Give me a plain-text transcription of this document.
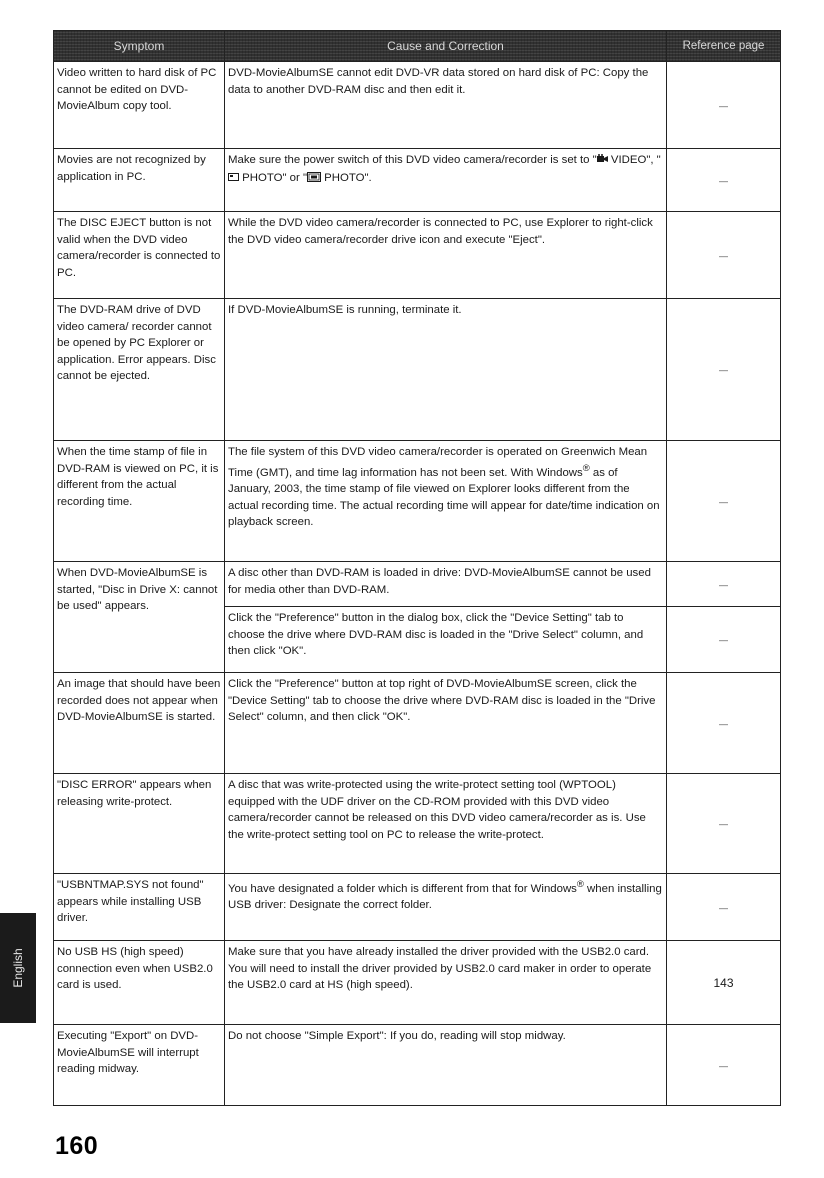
Symptom	Cause and Correction	Reference page
Video written to hard disk of PC cannot be edited on DVD-MovieAlbum copy tool.	DVD-MovieAlbumSE cannot edit DVD-VR data stored on hard disk of PC: Copy the data to another DVD-RAM disc and then edit it.	—
Movies are not recognized by application in PC.	Make sure the power switch of this DVD video camera/recorder is set to " VIDEO", " PHOTO" or " PHOTO".	—
The DISC EJECT button is not valid when the DVD video camera/recorder is connected to PC.	While the DVD video camera/recorder is connected to PC, use Explorer to right-click the DVD video camera/recorder drive icon and execute "Eject".	—
The DVD-RAM drive of DVD video camera/ recorder cannot be opened by PC Explorer or application. Error appears. Disc cannot be ejected.	If DVD-MovieAlbumSE is running, terminate it.	—
When the time stamp of file in DVD-RAM is viewed on PC, it is different from the actual recording time.	The file system of this DVD video camera/recorder is operated on Greenwich Mean Time (GMT), and time lag information has not been set. With Windows® as of January, 2003, the time stamp of file viewed on Explorer looks different from the actual recording time. The actual recording time will appear for date/time indication on playback screen.	—
When DVD-MovieAlbumSE is started, "Disc in Drive X: cannot be used" appears.	A disc other than DVD-RAM is loaded in drive: DVD-MovieAlbumSE cannot be used for media other than DVD-RAM.	—
	Click the "Preference" button in the dialog box, click the "Device Setting" tab to choose the drive where DVD-RAM disc is loaded in the "Drive Select" column, and then click "OK".	—
An image that should have been recorded does not appear when DVD-MovieAlbumSE is started.	Click the "Preference" button at top right of DVD-MovieAlbumSE screen, click the "Device Setting" tab to choose the drive where DVD-RAM disc is loaded in the "Drive Select" column, and then click "OK".	—
"DISC ERROR" appears when releasing write-protect.	A disc that was write-protected using the write-protect setting tool (WPTOOL) equipped with the UDF driver on the CD-ROM provided with this DVD video camera/recorder cannot be released on this DVD video camera/recorder as is. Use the write-protect setting tool on PC to release the write-protect.	—
"USBNTMAP.SYS not found" appears while installing USB driver.	You have designated a folder which is different from that for Windows® when installing USB driver: Designate the correct folder.	—
No USB HS (high speed) connection even when USB2.0 card is used.	Make sure that you have already installed the driver provided with the USB2.0 card. You will need to install the driver provided by USB2.0 card maker in order to operate the USB2.0 card at HS (high speed).	143
Executing "Export" on DVD-MovieAlbumSE will interrupt reading midway.	Do not choose "Simple Export": If you do, reading will stop midway.	—
English
160
